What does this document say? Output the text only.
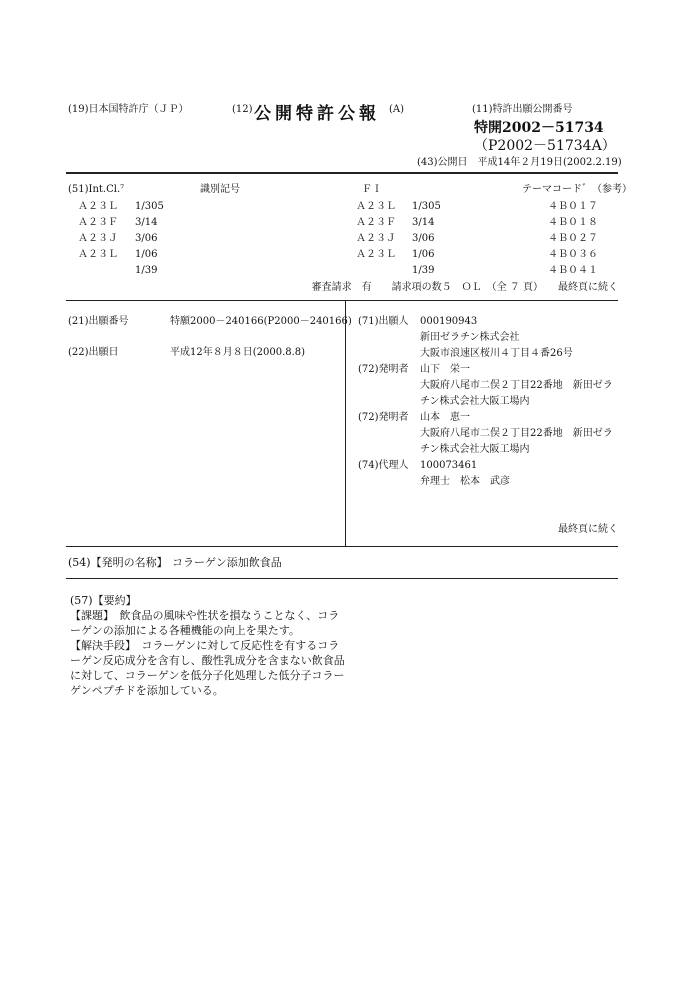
(19)日本国特許庁（ＪＰ）	(12) 公開特許公報 (A)	(11)特許出願公開番号
特開2002－51734
（P2002－51734A）
(43)公開日　平成14年２月19日(2002.2.19)
(51)Int.Cl.⁷	識別記号	ＦＩ	テーマコード゛（参考）
Ａ２３Ｌ 1/305	Ａ２３Ｌ 1/305	４Ｂ０１７
Ａ２３Ｆ 3/14	Ａ２３Ｆ 3/14	４Ｂ０１８
Ａ２３Ｊ 3/06	Ａ２３Ｊ 3/06	４Ｂ０２７
Ａ２３Ｌ 1/06	Ａ２３Ｌ 1/06	４Ｂ０３６
1/39	1/39	４Ｂ０４１
審査請求　有　　請求項の数５　ＯＬ　（全 ７ 頁）　　最終頁に続く
(21)出願番号	特願2000－240166(P2000－240166)
(22)出願日	平成12年８月８日(2000.8.8)
(71)出願人 000190943
新田ゼラチン株式会社
大阪市浪速区桜川４丁目４番26号
(72)発明者 山下　栄一
大阪府八尾市二俣２丁目22番地　新田ゼラ
チン株式会社大阪工場内
(72)発明者 山本　恵一
大阪府八尾市二俣２丁目22番地　新田ゼラ
チン株式会社大阪工場内
(74)代理人 100073461
弁理士　松本　武彦
最終頁に続く
(54)【発明の名称】 コラーゲン添加飲食品
(57)【要約】
【課題】　飲食品の風味や性状を損なうことなく、コラ
ーゲンの添加による各種機能の向上を果たす。
【解決手段】　コラーゲンに対して反応性を有するコラ
ーゲン反応成分を含有し、酸性乳成分を含まない飲食品
に対して、コラーゲンを低分子化処理した低分子コラー
ゲンペプチドを添加している。
